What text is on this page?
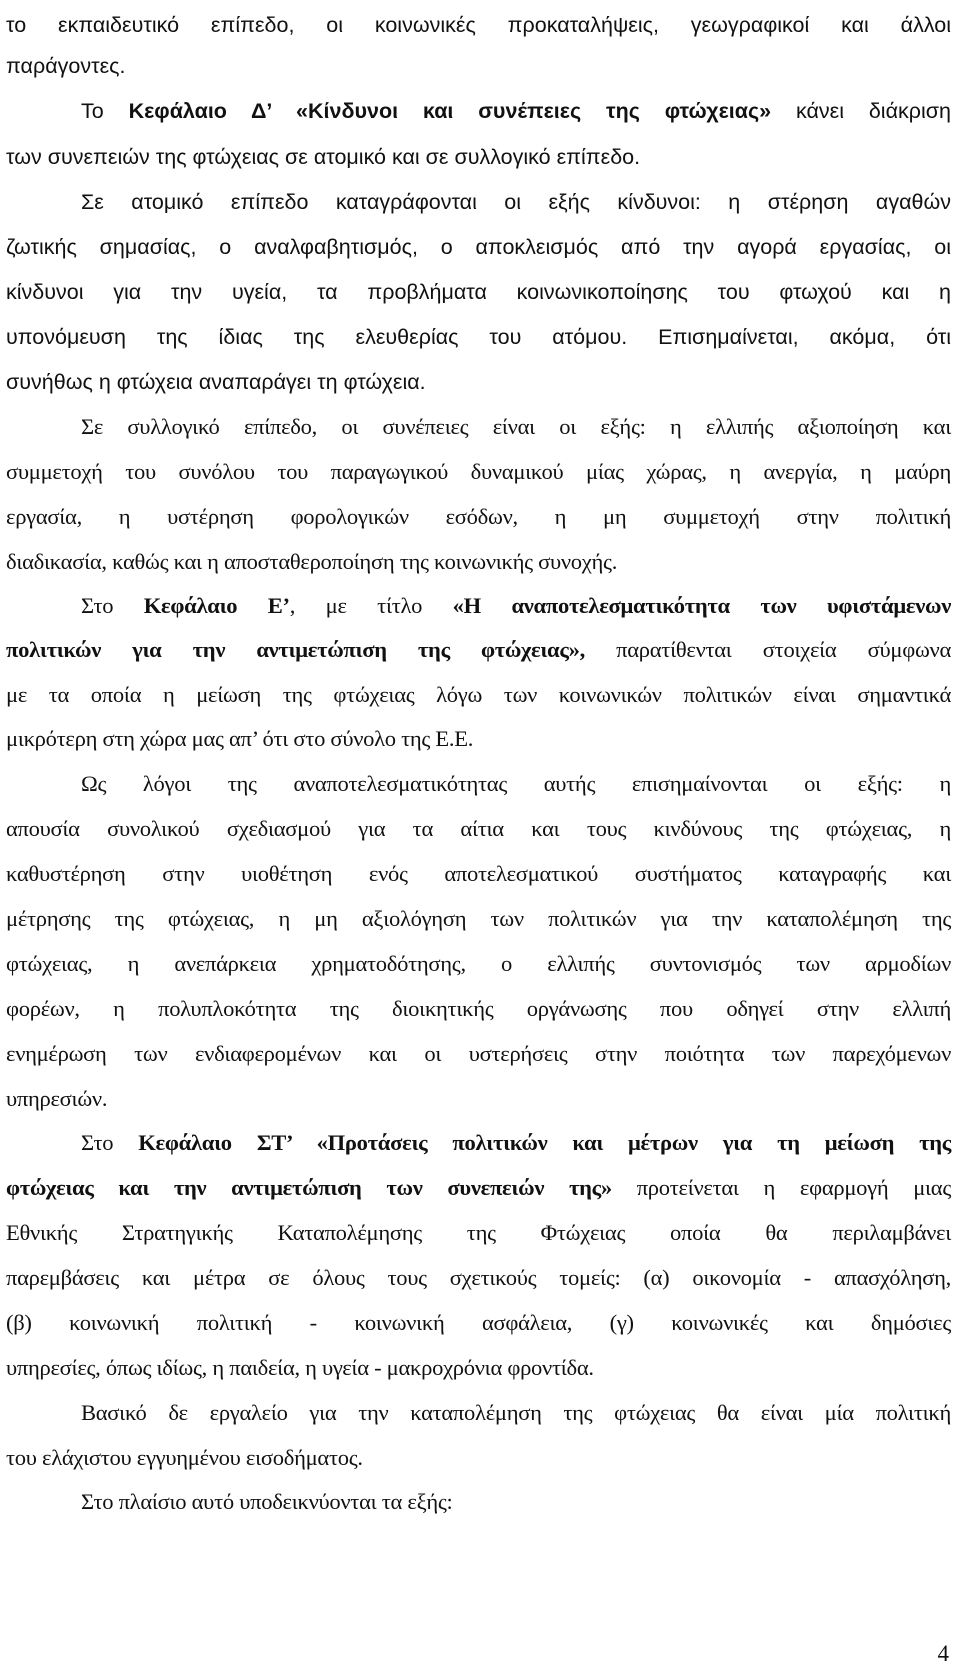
το εκπαιδευτικό επίπεδο, οι κοινωνικές προκαταλήψεις, γεωγραφικοί και άλλοι
παράγοντες.
Το Κεφάλαιο Δ’ «Κίνδυνοι και συνέπειες της φτώχειας» κάνει διάκριση
των συνεπειών της φτώχειας σε ατομικό και σε συλλογικό επίπεδο.
Σε ατομικό επίπεδο καταγράφονται οι εξής κίνδυνοι: η στέρηση αγαθών
ζωτικής σημασίας, ο αναλφαβητισμός, ο αποκλεισμός από την αγορά εργασίας, οι
κίνδυνοι για την υγεία, τα προβλήματα κοινωνικοποίησης του φτωχού και η
υπονόμευση της ίδιας της ελευθερίας του ατόμου. Επισημαίνεται, ακόμα, ότι
συνήθως η φτώχεια αναπαράγει τη φτώχεια.
Σε συλλογικό επίπεδο, οι συνέπειες είναι οι εξής: η ελλιπής αξιοποίηση και
συμμετοχή του συνόλου του παραγωγικού δυναμικού μίας χώρας, η ανεργία, η μαύρη
εργασία, η υστέρηση φορολογικών εσόδων, η μη συμμετοχή στην πολιτική
διαδικασία, καθώς και η αποσταθεροποίηση της κοινωνικής συνοχής.
Στο Κεφάλαιο Ε’, με τίτλο «Η αναποτελεσματικότητα των υφιστάμενων
πολιτικών για την αντιμετώπιση της φτώχειας», παρατίθενται στοιχεία σύμφωνα
με τα οποία η μείωση της φτώχειας λόγω των κοινωνικών πολιτικών είναι σημαντικά
μικρότερη στη χώρα μας απ’ ότι στο σύνολο της Ε.Ε.
Ως λόγοι της αναποτελεσματικότητας αυτής επισημαίνονται οι εξής: η
απουσία συνολικού σχεδιασμού για τα αίτια και τους κινδύνους της φτώχειας, η
καθυστέρηση στην υιοθέτηση ενός αποτελεσματικού συστήματος καταγραφής και
μέτρησης της φτώχειας, η μη αξιολόγηση των πολιτικών για την καταπολέμηση της
φτώχειας, η ανεπάρκεια χρηματοδότησης, ο ελλιπής συντονισμός των αρμοδίων
φορέων, η πολυπλοκότητα της διοικητικής οργάνωσης που οδηγεί στην ελλιπή
ενημέρωση των ενδιαφερομένων και οι υστερήσεις στην ποιότητα των παρεχόμενων
υπηρεσιών.
Στο Κεφάλαιο ΣΤ’ «Προτάσεις πολιτικών και μέτρων για τη μείωση της
φτώχειας και την αντιμετώπιση των συνεπειών της» προτείνεται η εφαρμογή μιας
Εθνικής Στρατηγικής Καταπολέμησης της Φτώχειας οποία θα περιλαμβάνει
παρεμβάσεις και μέτρα σε όλους τους σχετικούς τομείς: (α) οικονομία - απασχόληση,
(β) κοινωνική πολιτική - κοινωνική ασφάλεια, (γ) κοινωνικές και δημόσιες
υπηρεσίες, όπως ιδίως, η παιδεία, η υγεία - μακροχρόνια φροντίδα.
Βασικό δε εργαλείο για την καταπολέμηση της φτώχειας θα είναι μία πολιτική
του ελάχιστου εγγυημένου εισοδήματος.
Στο πλαίσιο αυτό υποδεικνύονται τα εξής:
4
